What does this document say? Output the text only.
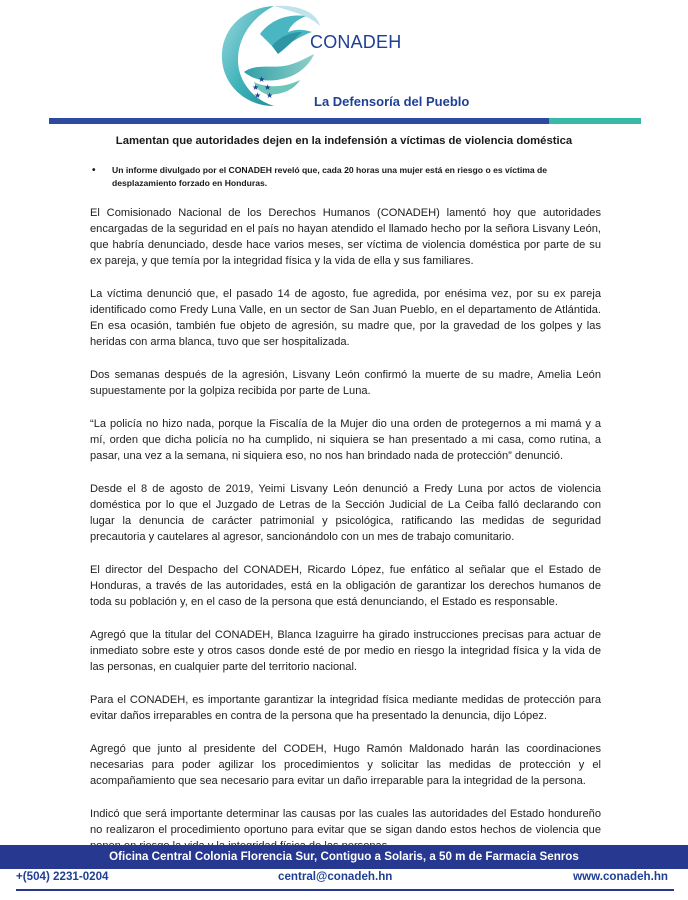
★
★ ★
★ ★
CONADEH
La Defensoría del Pueblo
Lamentan que autoridades dejen en la indefensión a víctimas de violencia doméstica
• Un informe divulgado por el CONADEH reveló que, cada 20 horas una mujer está en riesgo o es víctima de desplazamiento forzado en Honduras.

El Comisionado Nacional de los Derechos Humanos (CONADEH) lamentó hoy que autoridades encargadas de la seguridad en el país no hayan atendido el llamado hecho por la señora Lisvany León, que habría denunciado, desde hace varios meses, ser víctima de violencia doméstica por parte de su ex pareja, y que temía por la integridad física y la vida de ella y sus familiares.

La víctima denunció que, el pasado 14 de agosto, fue agredida, por enésima vez, por su ex pareja identificado como Fredy Luna Valle, en un sector de San Juan Pueblo, en el departamento de Atlántida. En esa ocasión, también fue objeto de agresión, su madre que, por la gravedad de los golpes y las heridas con arma blanca, tuvo que ser hospitalizada.

Dos semanas después de la agresión, Lisvany León confirmó la muerte de su madre, Amelia León supuestamente por la golpiza recibida por parte de Luna.

“La policía no hizo nada, porque la Fiscalía de la Mujer dio una orden de protegernos a mi mamá y a mí, orden que dicha policía no ha cumplido, ni siquiera se han presentado a mi casa, como rutina, a pasar, una vez a la semana, ni siquiera eso, no nos han brindado nada de protección” denunció.

Desde el 8 de agosto de 2019, Yeimi Lisvany León denunció a Fredy Luna por actos de violencia doméstica por lo que el Juzgado de Letras de la Sección Judicial de La Ceiba falló declarando con lugar la denuncia de carácter patrimonial y psicológica, ratificando las medidas de seguridad precautoria y cautelares al agresor, sancionándolo con un mes de trabajo comunitario.

El director del Despacho del CONADEH, Ricardo López, fue enfático al señalar que el Estado de Honduras, a través de las autoridades, está en la obligación de garantizar los derechos humanos de toda su población y, en el caso de la persona que está denunciando, el Estado es responsable.

Agregó que la titular del CONADEH, Blanca Izaguirre ha girado instrucciones precisas para actuar de inmediato sobre este y otros casos donde esté de por medio en riesgo la integridad física y la vida de las personas, en cualquier parte del territorio nacional.

Para el CONADEH, es importante garantizar la integridad física mediante medidas de protección para evitar daños irreparables en contra de la persona que ha presentado la denuncia, dijo López.

Agregó que junto al presidente del CODEH, Hugo Ramón Maldonado harán las coordinaciones necesarias para poder agilizar los procedimientos y solicitar las medidas de protección y el acompañamiento que sea necesario para evitar un daño irreparable para la integridad de la persona.

Indicó que será importante determinar las causas por las cuales las autoridades del Estado hondureño no realizaron el procedimiento oportuno para evitar que se sigan dando estos hechos de violencia que

Oficina Central Colonia Florencia Sur, Contiguo a Solaris, a 50 m de Farmacia Senros
+(504) 2231-0204	central@conadeh.hn	www.conadeh.hn
